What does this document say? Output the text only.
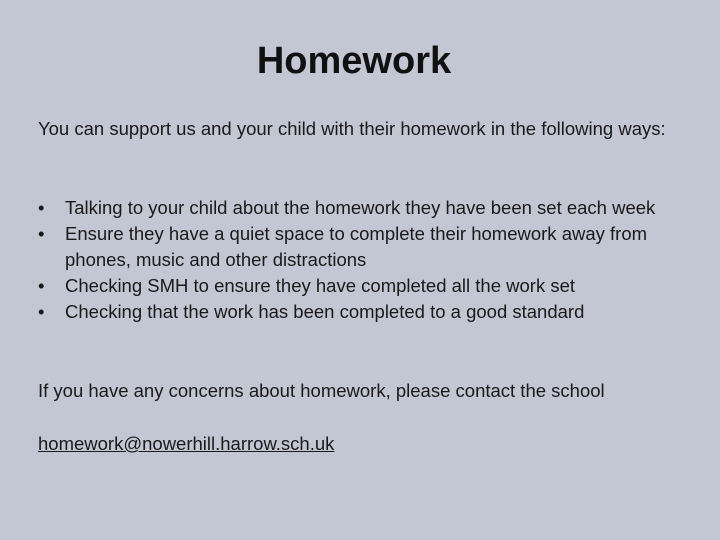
Homework
You can support us and your child with their homework in the following ways:
•	Talking to your child about the homework they have been set each week
•	Ensure they have a quiet space to complete their homework away from phones, music and other distractions
•	Checking SMH to ensure they have completed all the work set
•	Checking that the work has been completed to a good standard
If you have any concerns about homework, please contact the school
homework@nowerhill.harrow.sch.uk
